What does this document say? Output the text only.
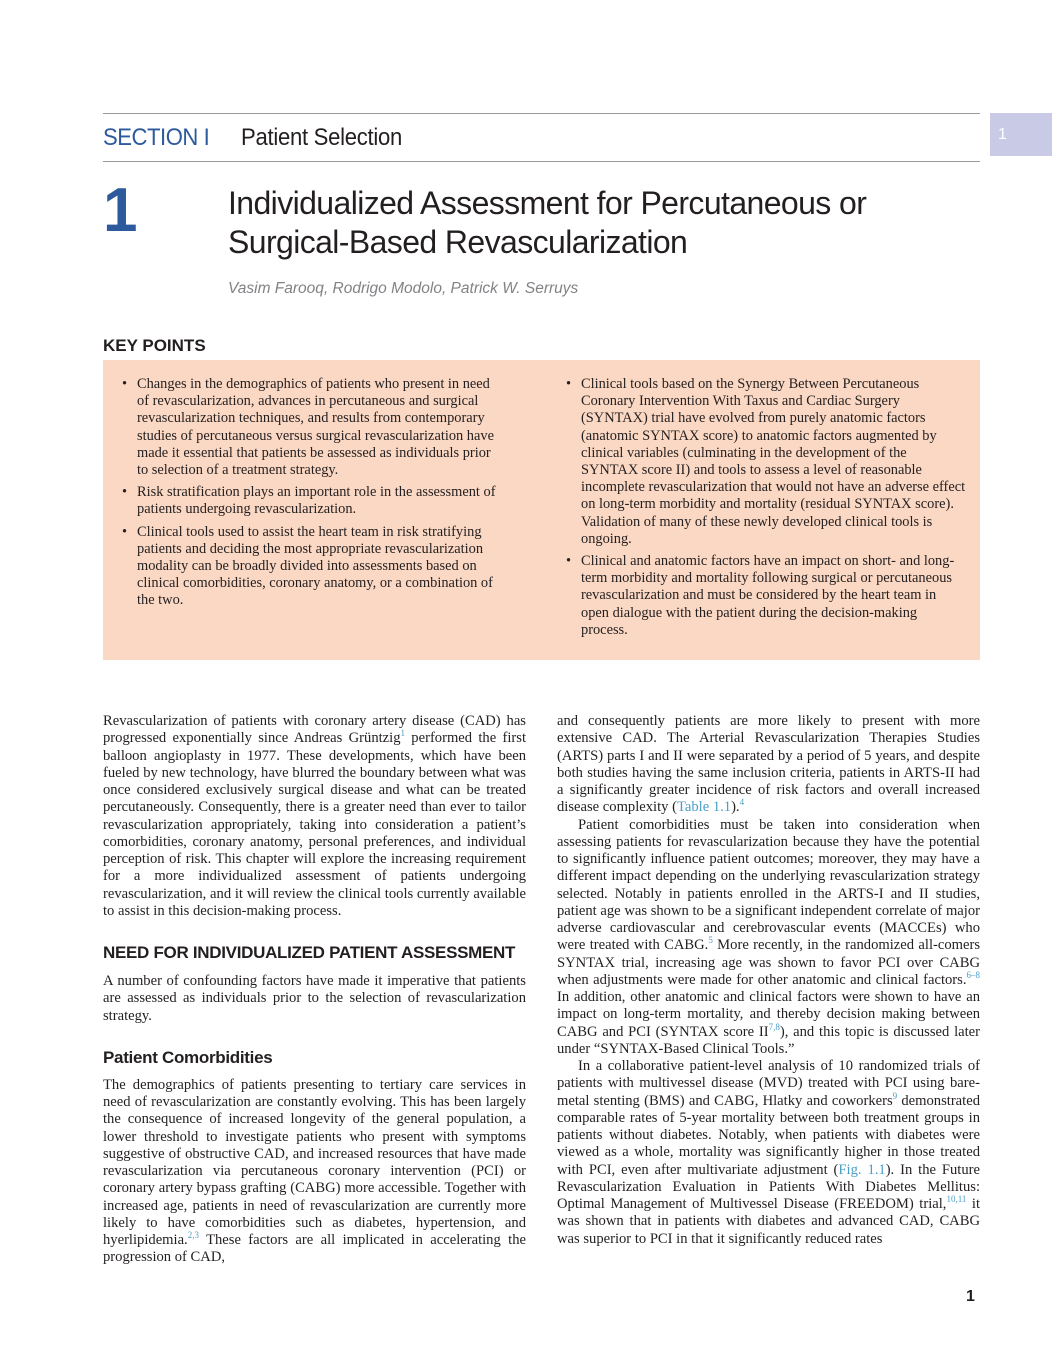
SECTION I Patient Selection	1
1	Individualized Assessment for Percutaneous or
Surgical-Based Revascularization
Vasim Farooq, Rodrigo Modolo, Patrick W. Serruys
KEY POINTS
• Changes in the demographics of patients who present in need of revascularization, advances in percutaneous and surgical revascularization techniques, and results from contemporary studies of percutaneous versus surgical revascularization have made it essential that patients be assessed as individuals prior to selection of a treatment strategy.
• Risk stratification plays an important role in the assessment of patients undergoing revascularization.
• Clinical tools used to assist the heart team in risk stratifying patients and deciding the most appropriate revascularization modality can be broadly divided into assessments based on clinical comorbidities, coronary anatomy, or a combination of the two.
• Clinical tools based on the Synergy Between Percutaneous Coronary Intervention With Taxus and Cardiac Surgery (SYNTAX) trial have evolved from purely anatomic factors (anatomic SYNTAX score) to anatomic factors augmented by clinical variables (culminating in the development of the SYNTAX score II) and tools to assess a level of reasonable incomplete revascularization that would not have an adverse effect on long-term morbidity and mortality (residual SYNTAX score). Validation of many of these newly developed clinical tools is ongoing.
• Clinical and anatomic factors have an impact on short- and long-term morbidity and mortality following surgical or percutaneous revascularization and must be considered by the heart team in open dialogue with the patient during the decision-making process.

Revascularization of patients with coronary artery disease (CAD) has progressed exponentially since Andreas Grüntzig$^1$ performed the first balloon angioplasty in 1977. These developments, which have been fueled by new technology, have blurred the boundary between what was once considered exclusively surgical disease and what can be treated percutaneously. Consequently, there is a greater need than ever to tailor revascularization appropriately, taking into consideration a patient’s comorbidities, coronary anatomy, personal preferences, and individual perception of risk. This chapter will explore the increasing requirement for a more individualized assessment of patients undergoing revascularization, and it will review the clinical tools currently available to assist in this decision-making process.

NEED FOR INDIVIDUALIZED PATIENT ASSESSMENT

A number of confounding factors have made it imperative that patients are assessed as individuals prior to the selection of revascularization strategy.

Patient Comorbidities

The demographics of patients presenting to tertiary care services in need of revascularization are constantly evolving. This has been largely the consequence of increased longevity of the general population, a lower threshold to investigate patients who present with symptoms suggestive of obstructive CAD, and increased resources that have made revascularization via percutaneous coronary intervention (PCI) or coronary artery bypass grafting (CABG) more accessible. Together with increased age, patients in need of revascularization are currently more likely to have comorbidities such as diabetes, hypertension, and hyerlipidemia.$^{2,3}$ These factors are all implicated in accelerating the progression of CAD,

and consequently patients are more likely to present with more extensive CAD. The Arterial Revascularization Therapies Studies (ARTS) parts I and II were separated by a period of 5 years, and despite both studies having the same inclusion criteria, patients in ARTS-II had a significantly greater incidence of risk factors and overall increased disease complexity (Table 1.1).$^4$

Patient comorbidities must be taken into consideration when assessing patients for revascularization because they have the potential to significantly influence patient outcomes; moreover, they may have a different impact depending on the underlying revascularization strategy selected. Notably in patients enrolled in the ARTS-I and II studies, patient age was shown to be a significant independent correlate of major adverse cardiovascular and cerebrovascular events (MACCEs) who were treated with CABG.$^5$ More recently, in the randomized all-comers SYNTAX trial, increasing age was shown to favor PCI over CABG when adjustments were made for other anatomic and clinical factors.$^{6-8}$ In addition, other anatomic and clinical factors were shown to have an impact on long-term mortality, and thereby decision making between CABG and PCI (SYNTAX score II$^{7,8}$), and this topic is discussed later under “SYNTAX-Based Clinical Tools.”

In a collaborative patient-level analysis of 10 randomized trials of patients with multivessel disease (MVD) treated with PCI using bare-metal stenting (BMS) and CABG, Hlatky and coworkers$^9$ demonstrated comparable rates of 5-year mortality between both treatment groups in patients without diabetes. Notably, when patients with diabetes were viewed as a whole, mortality was significantly higher in those treated with PCI, even after multivariate adjustment (Fig. 1.1). In the Future Revascularization Evaluation in Patients With Diabetes Mellitus: Optimal Management of Multivessel Disease (FREEDOM) trial,$^{10,11}$ it was shown that in patients with diabetes and advanced CAD, CABG was superior to PCI in that it significantly reduced rates

1
